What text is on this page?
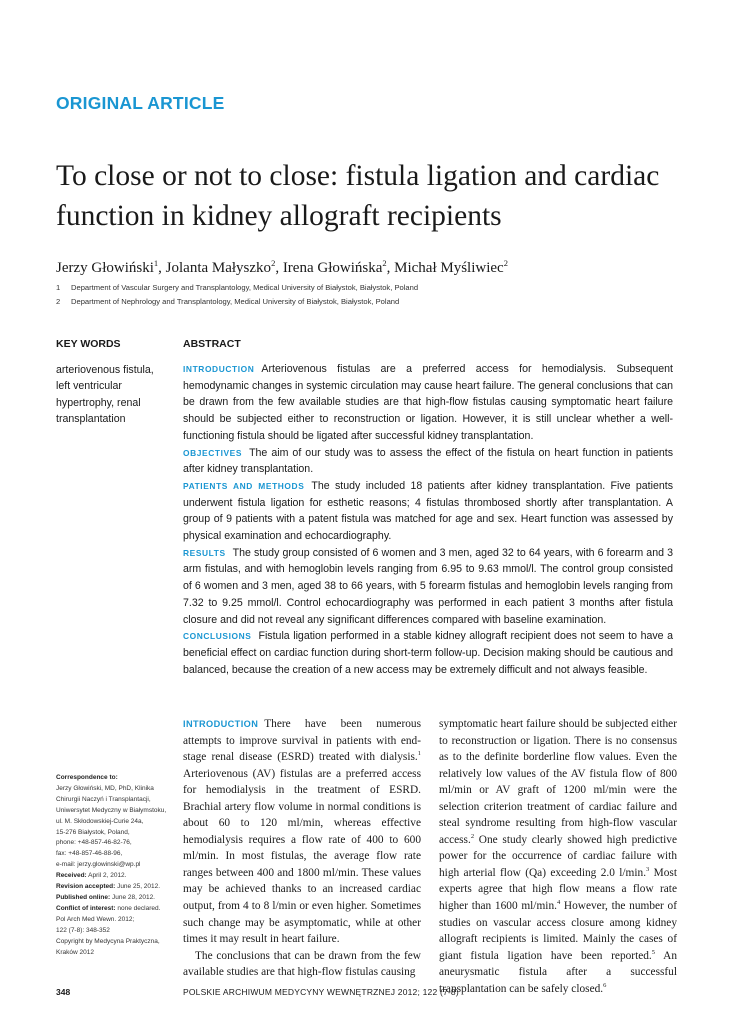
ORIGINAL ARTICLE
To close or not to close: fistula ligation and cardiac function in kidney allograft recipients
Jerzy Głowiński$^1$, Jolanta Małyszko$^2$, Irena Głowińska$^2$, Michał Myśliwiec$^2$
1 Department of Vascular Surgery and Transplantology, Medical University of Białystok, Białystok, Poland
2 Department of Nephrology and Transplantology, Medical University of Białystok, Białystok, Poland
KEY WORDS
arteriovenous fistula, left ventricular hypertrophy, renal transplantation
ABSTRACT

INTRODUCTION Arteriovenous fistulas are a preferred access for hemodialysis. Subsequent hemodynamic changes in systemic circulation may cause heart failure. The general conclusions that can be drawn from the few available studies are that high-flow fistulas causing symptomatic heart failure should be subjected either to reconstruction or ligation. However, it is still unclear whether a well-functioning fistula should be ligated after successful kidney transplantation.

OBJECTIVES The aim of our study was to assess the effect of the fistula on heart function in patients after kidney transplantation.

PATIENTS AND METHODS The study included 18 patients after kidney transplantation. Five patients underwent fistula ligation for esthetic reasons; 4 fistulas thrombosed shortly after transplantation. A group of 9 patients with a patent fistula was matched for age and sex. Heart function was assessed by physical examination and echocardiography.

RESULTS The study group consisted of 6 women and 3 men, aged 32 to 64 years, with 6 forearm and 3 arm fistulas, and with hemoglobin levels ranging from 6.95 to 9.63 mmol/l. The control group consisted of 6 women and 3 men, aged 38 to 66 years, with 5 forearm fistulas and hemoglobin levels ranging from 7.32 to 9.25 mmol/l. Control echocardiography was performed in each patient 3 months after fistula closure and did not reveal any significant differences compared with baseline examination.

CONCLUSIONS Fistula ligation performed in a stable kidney allograft recipient does not seem to have a beneficial effect on cardiac function during short-term follow-up. Decision making should be cautious and balanced, because the creation of a new access may be extremely difficult and not always feasible.

Correspondence to:
Jerzy Głowiński, MD, PhD, Klinika
Chirurgii Naczyń i Transplantacji,
Uniwersytet Medyczny w Białymstoku,
ul. M. Skłodowskiej-Curie 24a,
15-276 Białystok, Poland,
phone: +48-857-46-82-76,
fax: +48-857-46-88-96,
e-mail: jerzy.glowinski@wp.pl
Received: April 2, 2012.
Revision accepted: June 25, 2012.
Published online: June 28, 2012.
Conflict of interest: none declared.
Pol Arch Med Wewn. 2012;
122 (7-8): 348-352
Copyright by Medycyna Praktyczna,
Kraków 2012

INTRODUCTION There have been numerous attempts to improve survival in patients with end-stage renal disease (ESRD) treated with dialysis.$^1$ Arteriovenous (AV) fistulas are a preferred access for hemodialysis in the treatment of ESRD. Brachial artery flow volume in normal conditions is about 60 to 120 ml/min, whereas effective hemodialysis requires a flow rate of 400 to 600 ml/min. In most fistulas, the average flow rate ranges between 400 and 1800 ml/min. These values may be achieved thanks to an increased cardiac output, from 4 to 8 l/min or even higher. Sometimes such change may be asymptomatic, while at other times it may result in heart failure.

The conclusions that can be drawn from the few available studies are that high-flow fistulas causing

symptomatic heart failure should be subjected either to reconstruction or ligation. There is no consensus as to the definite borderline flow values. Even the relatively low values of the AV fistula flow of 800 ml/min or AV graft of 1200 ml/min were the selection criterion treatment of cardiac failure and steal syndrome resulting from high-flow vascular access.$^2$ One study clearly showed high predictive power for the occurrence of cardiac failure with high arterial flow (Qa) exceeding 2.0 l/min.$^3$ Most experts agree that high flow means a flow rate higher than 1600 ml/min.$^4$ However, the number of studies on vascular access closure among kidney allograft recipients is limited. Mainly the cases of giant fistula ligation have been reported.$^5$ An aneurysmatic fistula after a successful transplantation can be safely closed.$^6$

348	POLSKIE ARCHIWUM MEDYCYNY WEWNĘTRZNEJ 2012; 122 (7-8)
